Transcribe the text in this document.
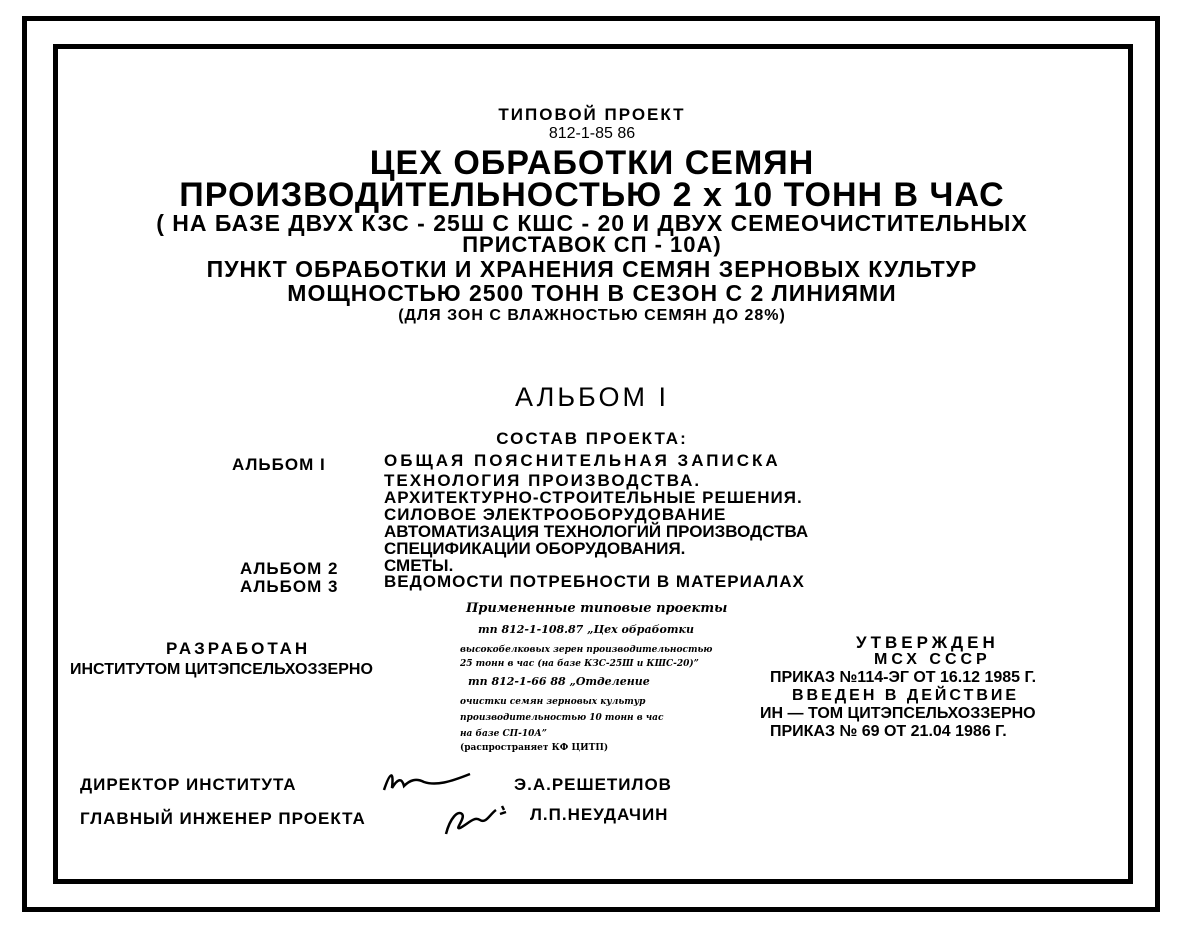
ТИПОВОЙ ПРОЕКТ
812-1-85 86
ЦЕХ ОБРАБОТКИ СЕМЯН
ПРОИЗВОДИТЕЛЬНОСТЬЮ 2 х 10 ТОНН В ЧАС
( НА БАЗЕ ДВУХ КЗС - 25Ш С КШС - 20 И ДВУХ СЕМЕОЧИСТИТЕЛЬНЫХ
ПРИСТАВОК СП - 10А)
ПУНКТ ОБРАБОТКИ И ХРАНЕНИЯ СЕМЯН ЗЕРНОВЫХ КУЛЬТУР
МОЩНОСТЬЮ 2500 ТОНН В СЕЗОН С 2 ЛИНИЯМИ
(ДЛЯ ЗОН С ВЛАЖНОСТЬЮ СЕМЯН ДО 28%)
АЛЬБОМ I
СОСТАВ ПРОЕКТА:
АЛЬБОМ I	ОБЩАЯ ПОЯСНИТЕЛЬНАЯ ЗАПИСКА
ТЕХНОЛОГИЯ ПРОИЗВОДСТВА.
АРХИТЕКТУРНО-СТРОИТЕЛЬНЫЕ РЕШЕНИЯ.
СИЛОВОЕ ЭЛЕКТРООБОРУДОВАНИЕ
АВТОМАТИЗАЦИЯ ТЕХНОЛОГИЙ ПРОИЗВОДСТВА
СПЕЦИФИКАЦИИ ОБОРУДОВАНИЯ.
АЛЬБОМ 2	СМЕТЫ.
АЛЬБОМ 3	ВЕДОМОСТИ ПОТРЕБНОСТИ В МАТЕРИАЛАХ
РАЗРАБОТАН
ИНСТИТУТОМ ЦИТЭПСЕЛЬХОЗЗЕРНО
Примененные типовые проекты
тп 812-1-108.87 „Цех обработки
высокобелковых зерен производительностью
25 тонн в час (на базе КЗС-25Ш и КШС-20)”
тп 812-1-66 88 „Отделение
очистки семян зерновых культур
производительностью 10 тонн в час
на базе СП-10А”
(распространяет КФ ЦИТП)
УТВЕРЖДЕН
МСХ СССР
ПРИКАЗ №114-ЭГ ОТ 16.12 1985 Г.
ВВЕДЕН В ДЕЙСТВИЕ
ИН — ТОМ ЦИТЭПСЕЛЬХОЗЗЕРНО
ПРИКАЗ № 69 ОТ 21.04 1986 Г.
ДИРЕКТОР ИНСТИТУТА	Э.А.РЕШЕТИЛОВ
ГЛАВНЫЙ ИНЖЕНЕР ПРОЕКТА	Л.П.НЕУДАЧИН
